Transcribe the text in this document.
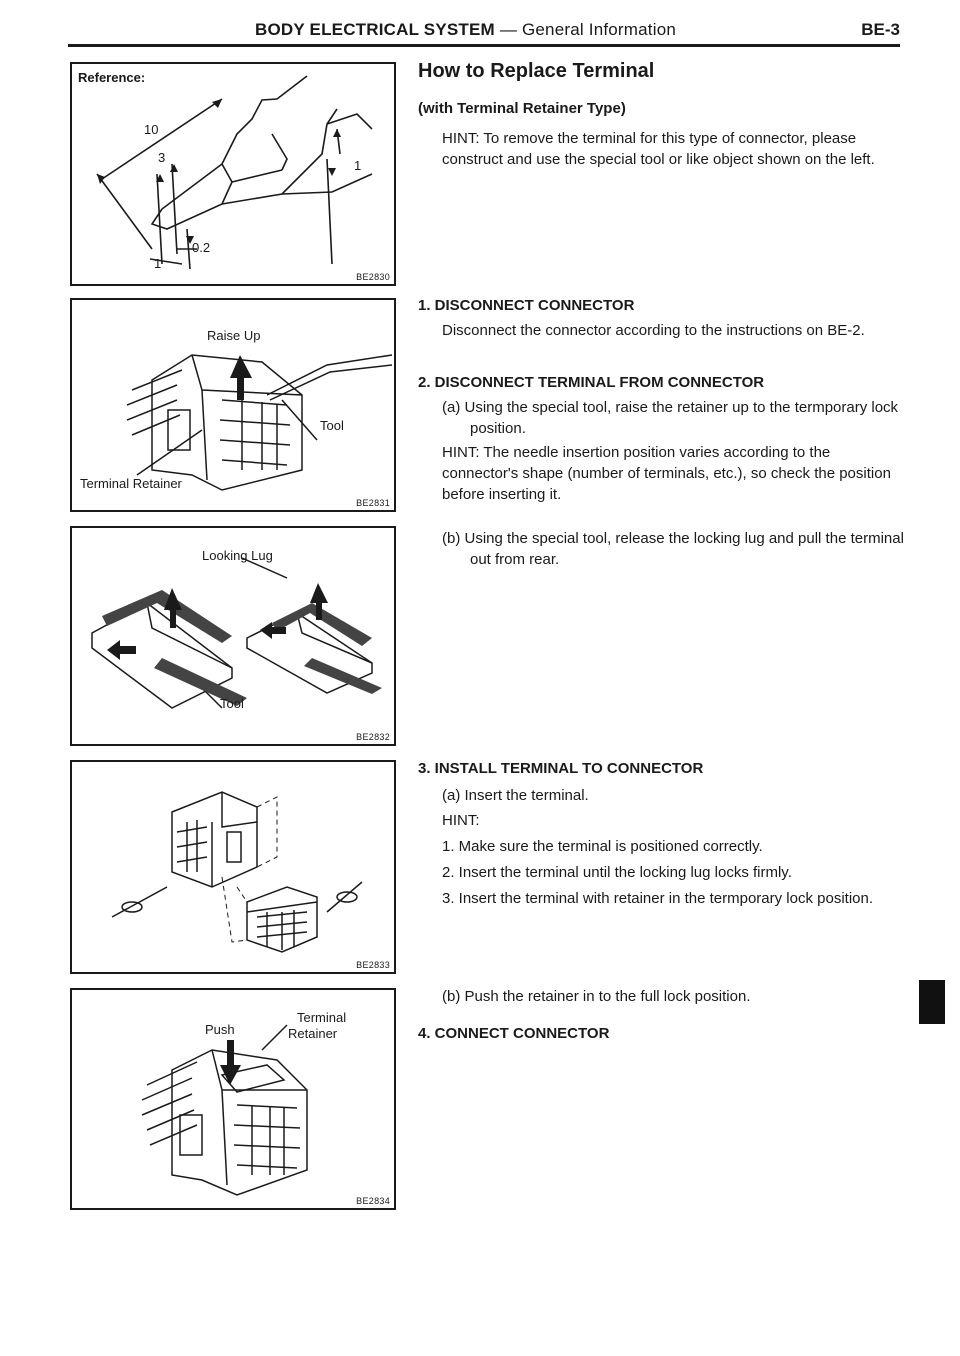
BODY ELECTRICAL SYSTEM — General Information	BE-3
Reference:
10
3
1
0.2
1
BE2830
Raise Up
Tool
Terminal Retainer
BE2831
Looking Lug
Tool
BE2832
BE2833
Push
Terminal
Retainer
BE2834
How to Replace Terminal
(with Terminal Retainer Type)
HINT: To remove the terminal for this type of connector, please construct and use the special tool or like object shown on the left.
1. DISCONNECT CONNECTOR
Disconnect the connector according to the instructions on BE-2.
2. DISCONNECT TERMINAL FROM CONNECTOR
(a) Using the special tool, raise the retainer up to the termporary lock position.
HINT: The needle insertion position varies according to the connector's shape (number of terminals, etc.), so check the position before inserting it.
(b) Using the special tool, release the locking lug and pull the terminal out from rear.
3. INSTALL TERMINAL TO CONNECTOR
(a) Insert the terminal.
HINT:
1. Make sure the terminal is positioned correctly.
2. Insert the terminal until the locking lug locks firmly.
3. Insert the terminal with retainer in the termporary lock position.
(b) Push the retainer in to the full lock position.
4. CONNECT CONNECTOR
